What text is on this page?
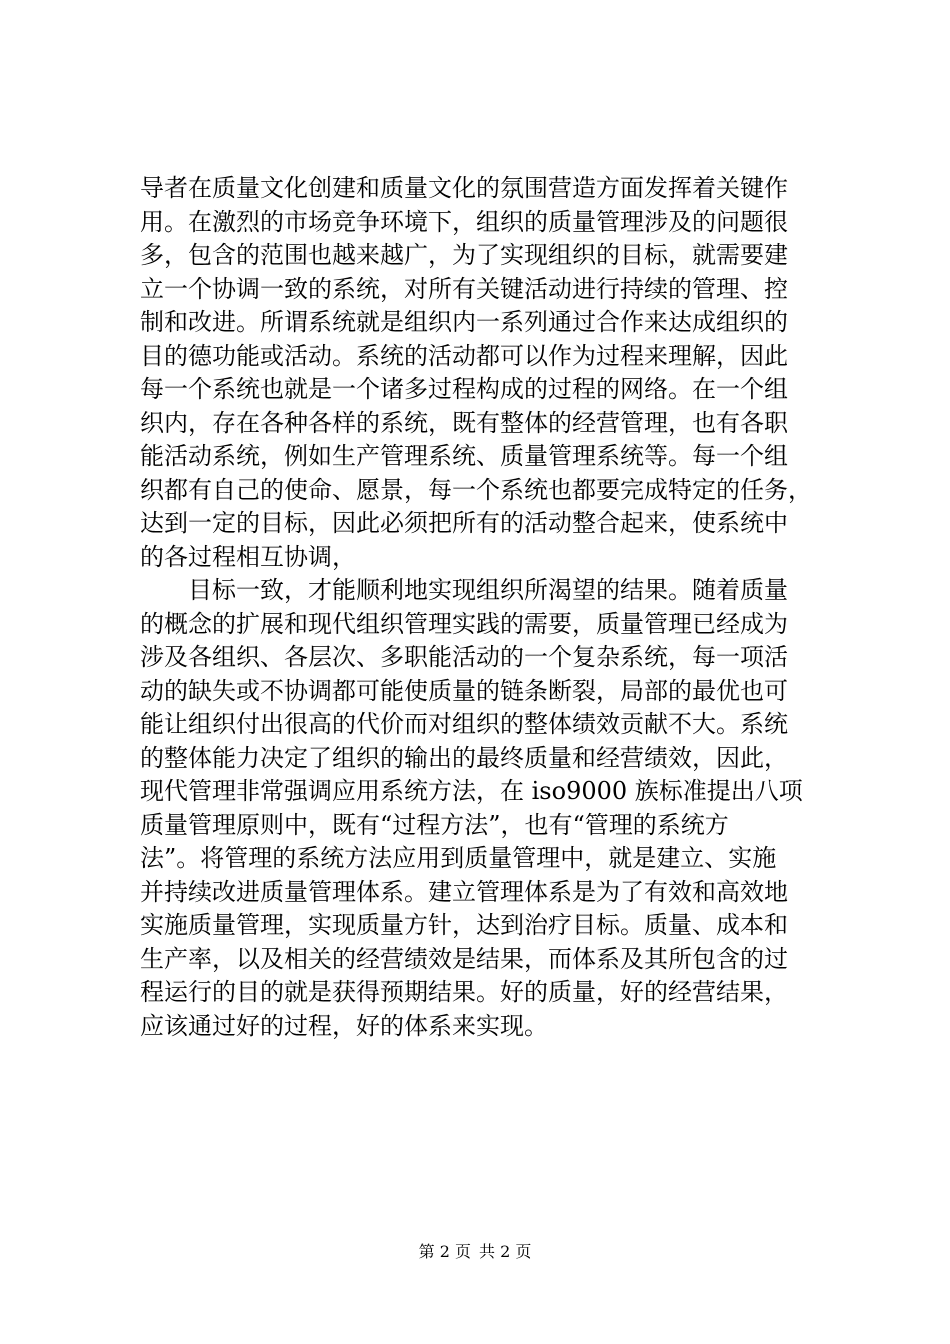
导者在质量文化创建和质量文化的氛围营造方面发挥着关键作
用。在激烈的市场竞争环境下，组织的质量管理涉及的问题很
多，包含的范围也越来越广，为了实现组织的目标，就需要建
立一个协调一致的系统，对所有关键活动进行持续的管理、控
制和改进。所谓系统就是组织内一系列通过合作来达成组织的
目的德功能或活动。系统的活动都可以作为过程来理解，因此
每一个系统也就是一个诸多过程构成的过程的网络。在一个组
织内，存在各种各样的系统，既有整体的经营管理，也有各职
能活动系统，例如生产管理系统、质量管理系统等。每一个组
织都有自己的使命、愿景，每一个系统也都要完成特定的任务，
达到一定的目标，因此必须把所有的活动整合起来，使系统中
的各过程相互协调，
目标一致，才能顺利地实现组织所渴望的结果。随着质量
的概念的扩展和现代组织管理实践的需要，质量管理已经成为
涉及各组织、各层次、多职能活动的一个复杂系统，每一项活
动的缺失或不协调都可能使质量的链条断裂，局部的最优也可
能让组织付出很高的代价而对组织的整体绩效贡献不大。系统
的整体能力决定了组织的输出的最终质量和经营绩效，因此，
现代管理非常强调应用系统方法，在 iso9000 族标准提出八项
质量管理原则中，既有“过程方法”，也有“管理的系统方
法”。将管理的系统方法应用到质量管理中，就是建立、实施
并持续改进质量管理体系。建立管理体系是为了有效和高效地
实施质量管理，实现质量方针，达到治疗目标。质量、成本和
生产率，以及相关的经营绩效是结果，而体系及其所包含的过
程运行的目的就是获得预期结果。好的质量，好的经营结果，
应该通过好的过程，好的体系来实现。
第 2 页 共 2 页
